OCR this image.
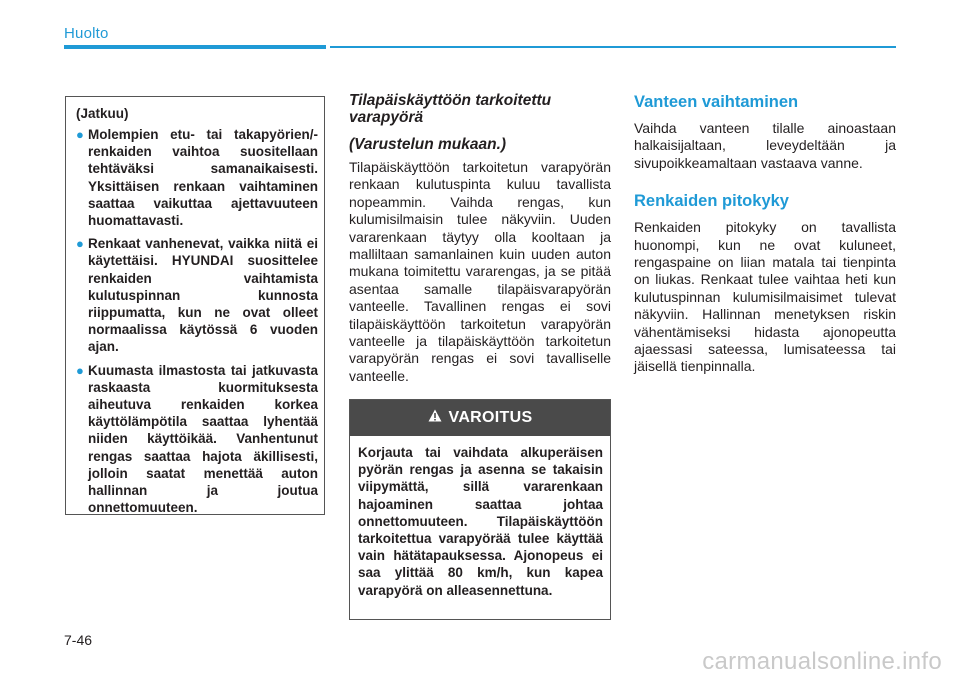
Huolto
(Jatkuu)
● Molempien etu- tai takapyörien/-renkaiden vaihtoa suositellaan tehtäväksi samanaikaisesti. Yksittäisen renkaan vaihtaminen saattaa vaikuttaa ajettavuuteen huomattavasti.
● Renkaat vanhenevat, vaikka niitä ei käytettäisi. HYUNDAI suosittelee renkaiden vaihtamista kulutuspinnan kunnosta riippumatta, kun ne ovat olleet normaalissa käytössä 6 vuoden ajan.
● Kuumasta ilmastosta tai jatkuvasta raskaasta kuormituksesta aiheutuva renkaiden korkea käyttölämpötila saattaa lyhentää niiden käyttöikää. Vanhentunut rengas saattaa hajota äkillisesti, jolloin saatat menettää auton hallinnan ja joutua onnettomuuteen.

Tilapäiskäyttöön tarkoitettu varapyörä

(Varustelun mukaan.)

Tilapäiskäyttöön tarkoitetun varapyörän renkaan kulutuspinta kuluu tavallista nopeammin. Vaihda rengas, kun kulumisilmaisin tulee näkyviin. Uuden vararenkaan täytyy olla kooltaan ja malliltaan samanlainen kuin uuden auton mukana toimitettu vararengas, ja se pitää asentaa samalle tilapäisvarapyörän vanteelle. Tavallinen rengas ei sovi tilapäiskäyttöön tarkoitetun varapyörän vanteelle ja tilapäiskäyttöön tarkoitetun varapyörän rengas ei sovi tavalliselle vanteelle.

VAROITUS
Korjauta tai vaihdata alkuperäisen pyörän rengas ja asenna se takaisin viipymättä, sillä vararenkaan hajoaminen saattaa johtaa onnettomuuteen. Tilapäiskäyttöön tarkoitettua varapyörää tulee käyttää vain hätätapauksessa. Ajonopeus ei saa ylittää 80 km/h, kun kapea varapyörä on alleasennettuna.

Vanteen vaihtaminen

Vaihda vanteen tilalle ainoastaan halkaisijaltaan, leveydeltään ja sivupoikkeamaltaan vastaava vanne.

Renkaiden pitokyky

Renkaiden pitokyky on tavallista huonompi, kun ne ovat kuluneet, rengaspaine on liian matala tai tienpinta on liukas. Renkaat tulee vaihtaa heti kun kulutuspinnan kulumisilmaisimet tulevat näkyviin. Hallinnan menetyksen riskin vähentämiseksi hidasta ajonopeutta ajaessasi sateessa, lumisateessa tai jäisellä tienpinnalla.

7-46
carmanualsonline.info
